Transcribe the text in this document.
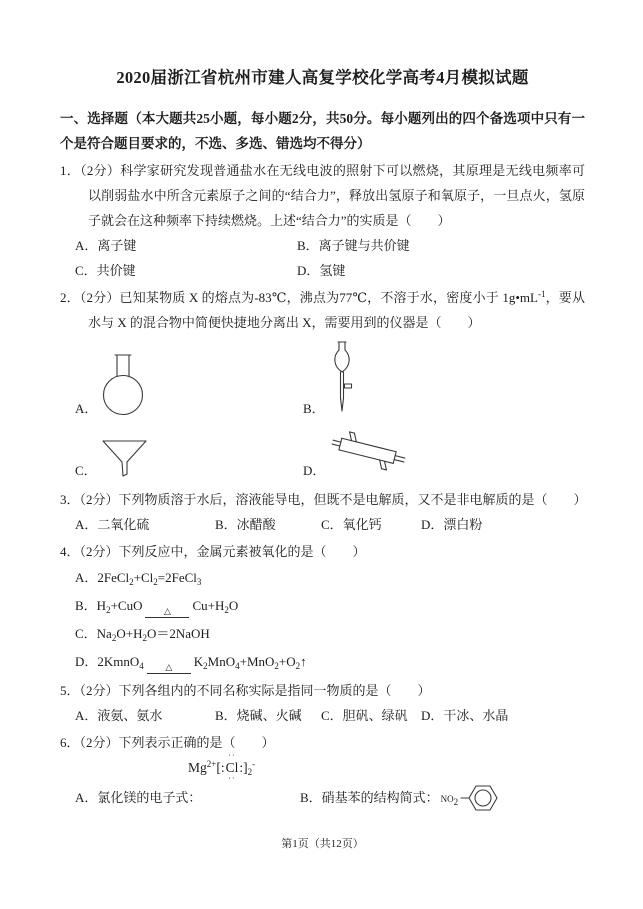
2020届浙江省杭州市建人高复学校化学高考4月模拟试题

一、选择题（本大题共25小题，每小题2分，共50分。每小题列出的四个备选项中只有一个是符合题目要求的，不选、多选、错选均不得分）

1．（2分）科学家研究发现普通盐水在无线电波的照射下可以燃烧，其原理是无线电频率可以削弱盐水中所含元素原子之间的“结合力”，释放出氢原子和氧原子，一旦点火，氢原子就会在这种频率下持续燃烧。上述“结合力”的实质是（　　）

A．离子键	B．离子键与共价键
C．共价键	D．氢键

2．（2分）已知某物质 X 的熔点为-83℃，沸点为77℃，不溶于水，密度小于 $1g•mL^{-1}$，要从水与 X 的混合物中简便快捷地分离出 X，需要用到的仪器是（　　）

A．	B．
C．	D．

3．（2分）下列物质溶于水后，溶液能导电，但既不是电解质，又不是非电解质的是（　　）

A．二氧化硫	B．冰醋酸	C．氧化钙	D．漂白粉

4．（2分）下列反应中，金属元素被氧化的是（　　）

A．$2FeCl_2+Cl_2=2FeCl_3$

B．$H_2+CuO$ △ $Cu+H_2O$

C．$Na_2O+H_2O=2NaOH$

D．2KmnO$_4$ △ $K_2MnO_4+MnO_2+O_2↑$

5．（2分）下列各组内的不同名称实际是指同一物质的是（　　）

A．液氨、氨水	B．烧碱、火碱	C．胆矾、绿矾	D．干冰、水晶

6．（2分）下列表示正确的是（　　）

$Mg^{2+}$[:
··
Cl
··
$:]_2^-$
A．氯化镁的电子式：	B．硝基苯的结构简式： $NO_2$

第1页（共12页）
